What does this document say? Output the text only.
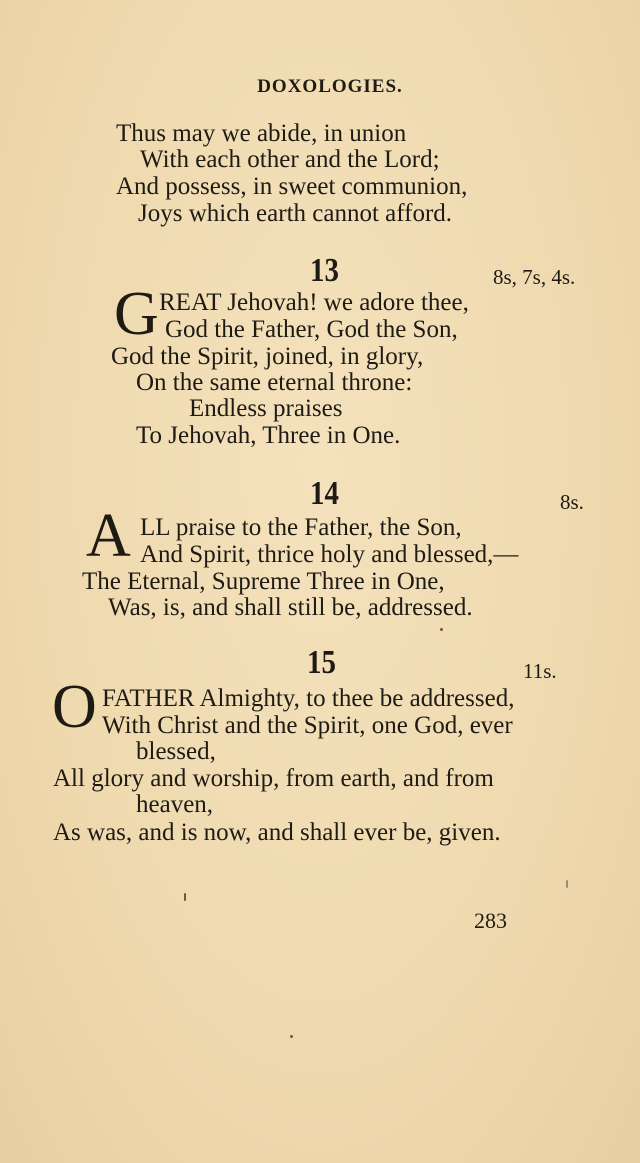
DOXOLOGIES.
Thus may we abide, in union
With each other and the Lord;
And possess, in sweet communion,
Joys which earth cannot afford.
13	8s, 7s, 4s.
G REAT Jehovah! we adore thee,
God the Father, God the Son,
God the Spirit, joined, in glory,
On the same eternal throne:
Endless praises
To Jehovah, Three in One.
14	8s.
A LL praise to the Father, the Son,
And Spirit, thrice holy and blessed,—
The Eternal, Supreme Three in One,
Was, is, and shall still be, addressed.
15	11s.
O FATHER Almighty, to thee be addressed,
With Christ and the Spirit, one God, ever
blessed,
All glory and worship, from earth, and from
heaven,
As was, and is now, and shall ever be, given.
283
